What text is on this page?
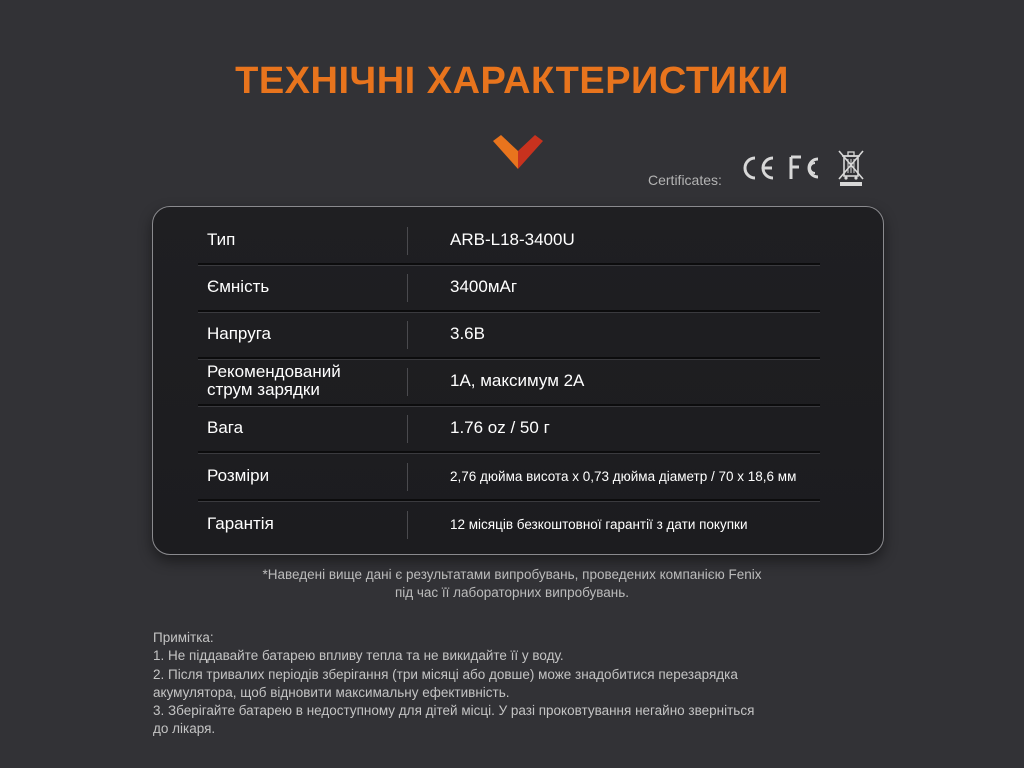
ТЕХНІЧНІ ХАРАКТЕРИСТИКИ
Certificates:
Тип	ARB-L18-3400U
Ємність	3400мАг
Напруга	3.6В
Рекомендований
струм зарядки	1А, максимум 2А
Вага	1.76 oz / 50 г
Розміри	2,76 дюйма висота x 0,73 дюйма діаметр / 70 x 18,6 мм
Гарантія	12 місяців безкоштовної гарантії з дати покупки
*Наведені вище дані є результатами випробувань, проведених компанією Fenix
під час її лабораторних випробувань.
Примітка:
1. Не піддавайте батарею впливу тепла та не викидайте її у воду.
2. Після тривалих періодів зберігання (три місяці або довше) може знадобитися перезарядка
акумулятора, щоб відновити максимальну ефективність.
3. Зберігайте батарею в недоступному для дітей місці. У разі проковтування негайно зверніться
до лікаря.
